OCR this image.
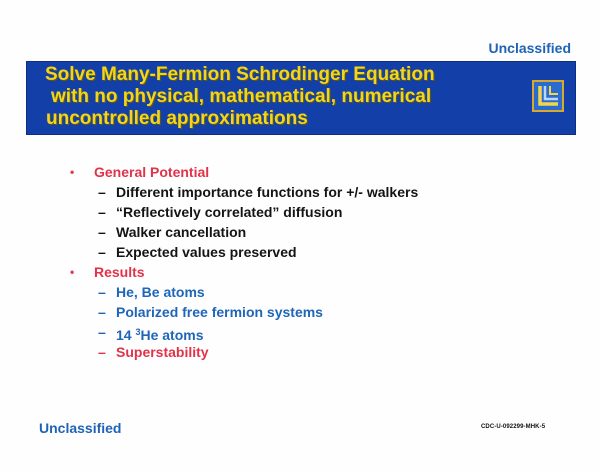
Unclassified
Solve Many-Fermion Schrodinger Equation
with no physical, mathematical, numerical
uncontrolled approximations
•	General Potential
– Different importance functions for +/- walkers
– “Reflectively correlated” diffusion
– Walker cancellation
– Expected values preserved
•	Results
– He, Be atoms
– Polarized free fermion systems
– 14 $^3$He atoms
– Superstability
Unclassified	CDC-U-092299-MHK-5
